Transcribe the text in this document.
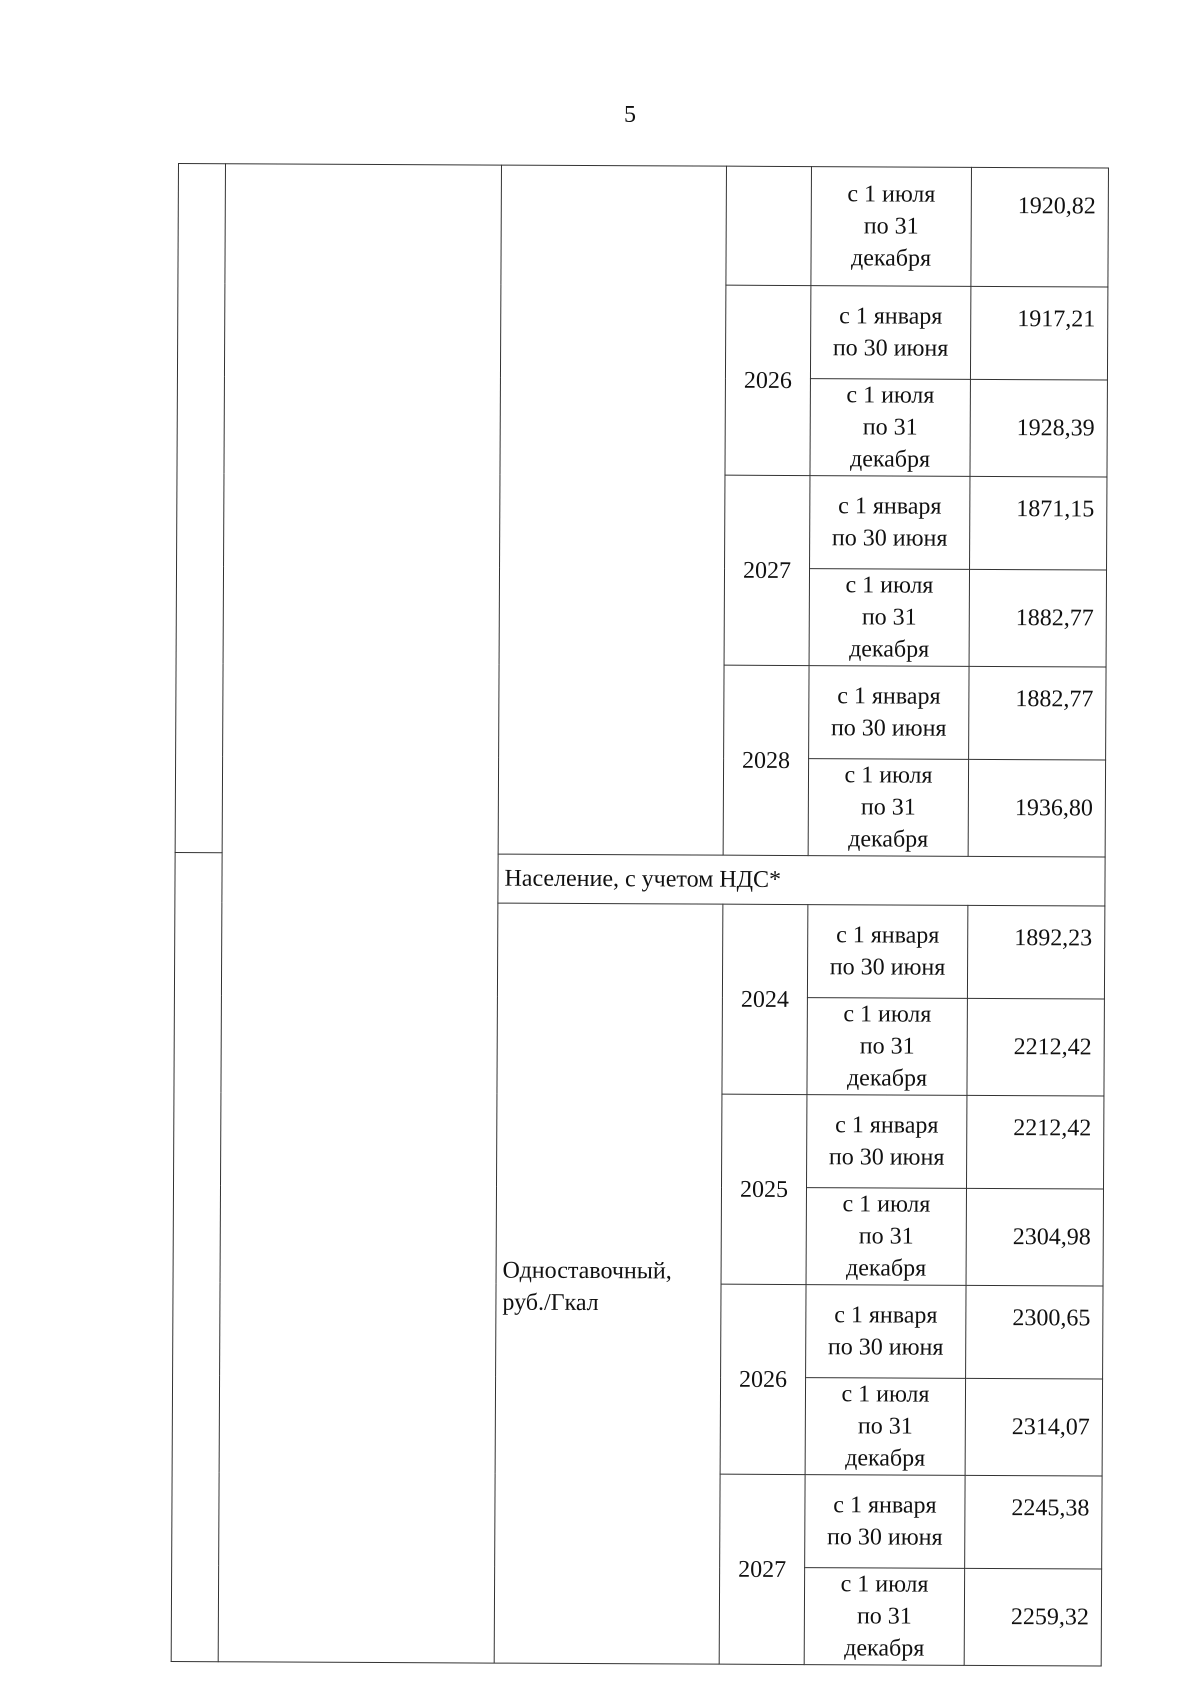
5
				с 1 июля
по 31
декабря	1920,82
			2026	с 1 января
по 30 июня	1917,21
				с 1 июля
по 31
декабря	1928,39
			2027	с 1 января
по 30 июня	1871,15
				с 1 июля
по 31
декабря	1882,77
			2028	с 1 января
по 30 июня	1882,77
				с 1 июля
по 31
декабря	1936,80
		Население, с учетом НДС*			
		Одноставочный,
руб./Гкал	2024	с 1 января
по 30 июня	1892,23
				с 1 июля
по 31
декабря	2212,42
			2025	с 1 января
по 30 июня	2212,42
				с 1 июля
по 31
декабря	2304,98
			2026	с 1 января
по 30 июня	2300,65
				с 1 июля
по 31
декабря	2314,07
			2027	с 1 января
по 30 июня	2245,38
				с 1 июля
по 31
декабря	2259,32
